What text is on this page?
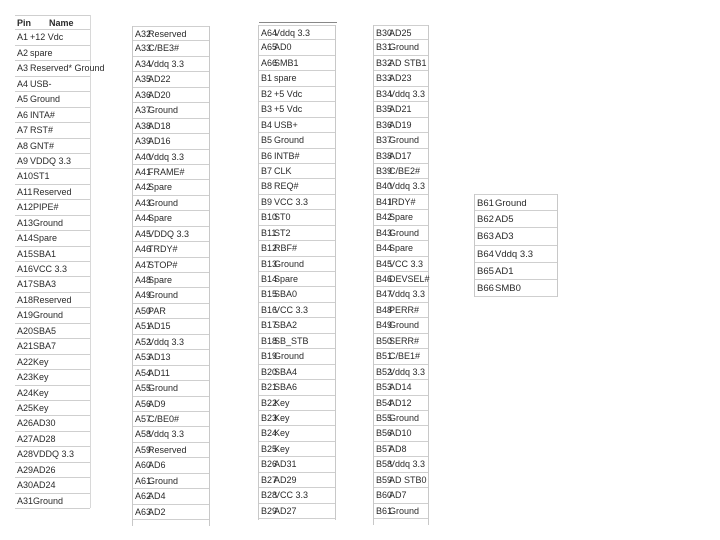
Pin Name
A1 +12 Vdc
A2 spare
A3 Reserved* Ground
A4 USB-
A5 Ground
A6 INTA#
A7 RST#
A8 GNT#
A9 VDDQ 3.3
A10ST1
A11Reserved
A12PIPE#
A13Ground
A14Spare
A15SBA1
A16VCC 3.3
A17SBA3
A18Reserved
A19Ground
A20SBA5
A21SBA7
A22Key
A23Key
A24Key
A25Key
A26AD30
A27AD28
A28VDDQ 3.3
A29AD26
A30AD24
A31Ground
A32Reserved
A33C/BE3#
A34Vddq 3.3
A35AD22
A36AD20
A37Ground
A38AD18
A39AD16
A40Vddq 3.3
A41FRAME#
A42Spare
A43Ground
A44Spare
A45VDDQ 3.3
A46TRDY#
A47STOP#
A48Spare
A49Ground
A50PAR
A51AD15
A52Vddq 3.3
A53AD13
A54AD11
A55Ground
A56AD9
A57C/BE0#
A58Vddq 3.3
A59Reserved
A60AD6
A61Ground
A62AD4
A63AD2
A64Vddq 3.3
A65AD0
A66SMB1
B1 spare
B2 +5 Vdc
B3 +5 Vdc
B4 USB+
B5 Ground
B6 INTB#
B7 CLK
B8 REQ#
B9 VCC 3.3
B10ST0
B11ST2
B12RBF#
B13Ground
B14Spare
B15SBA0
B16VCC 3.3
B17SBA2
B18SB_STB
B19Ground
B20SBA4
B21SBA6
B22Key
B23Key
B24Key
B25Key
B26AD31
B27AD29
B28VCC 3.3
B29AD27
B30AD25
B31Ground
B32AD STB1
B33AD23
B34Vddq 3.3
B35AD21
B36AD19
B37Ground
B38AD17
B39C/BE2#
B40Vddq 3.3
B41IRDY#
B42Spare
B43Ground
B44Spare
B45VCC 3.3
B46DEVSEL#
B47Vddq 3.3
B48PERR#
B49Ground
B50SERR#
B51C/BE1#
B52Vddq 3.3
B53AD14
B54AD12
B55Ground
B56AD10
B57AD8
B58Vddq 3.3
B59AD STB0
B60AD7
B61Ground
B61Ground
B62AD5
B63AD3
B64Vddq 3.3
B65AD1
B66SMB0
